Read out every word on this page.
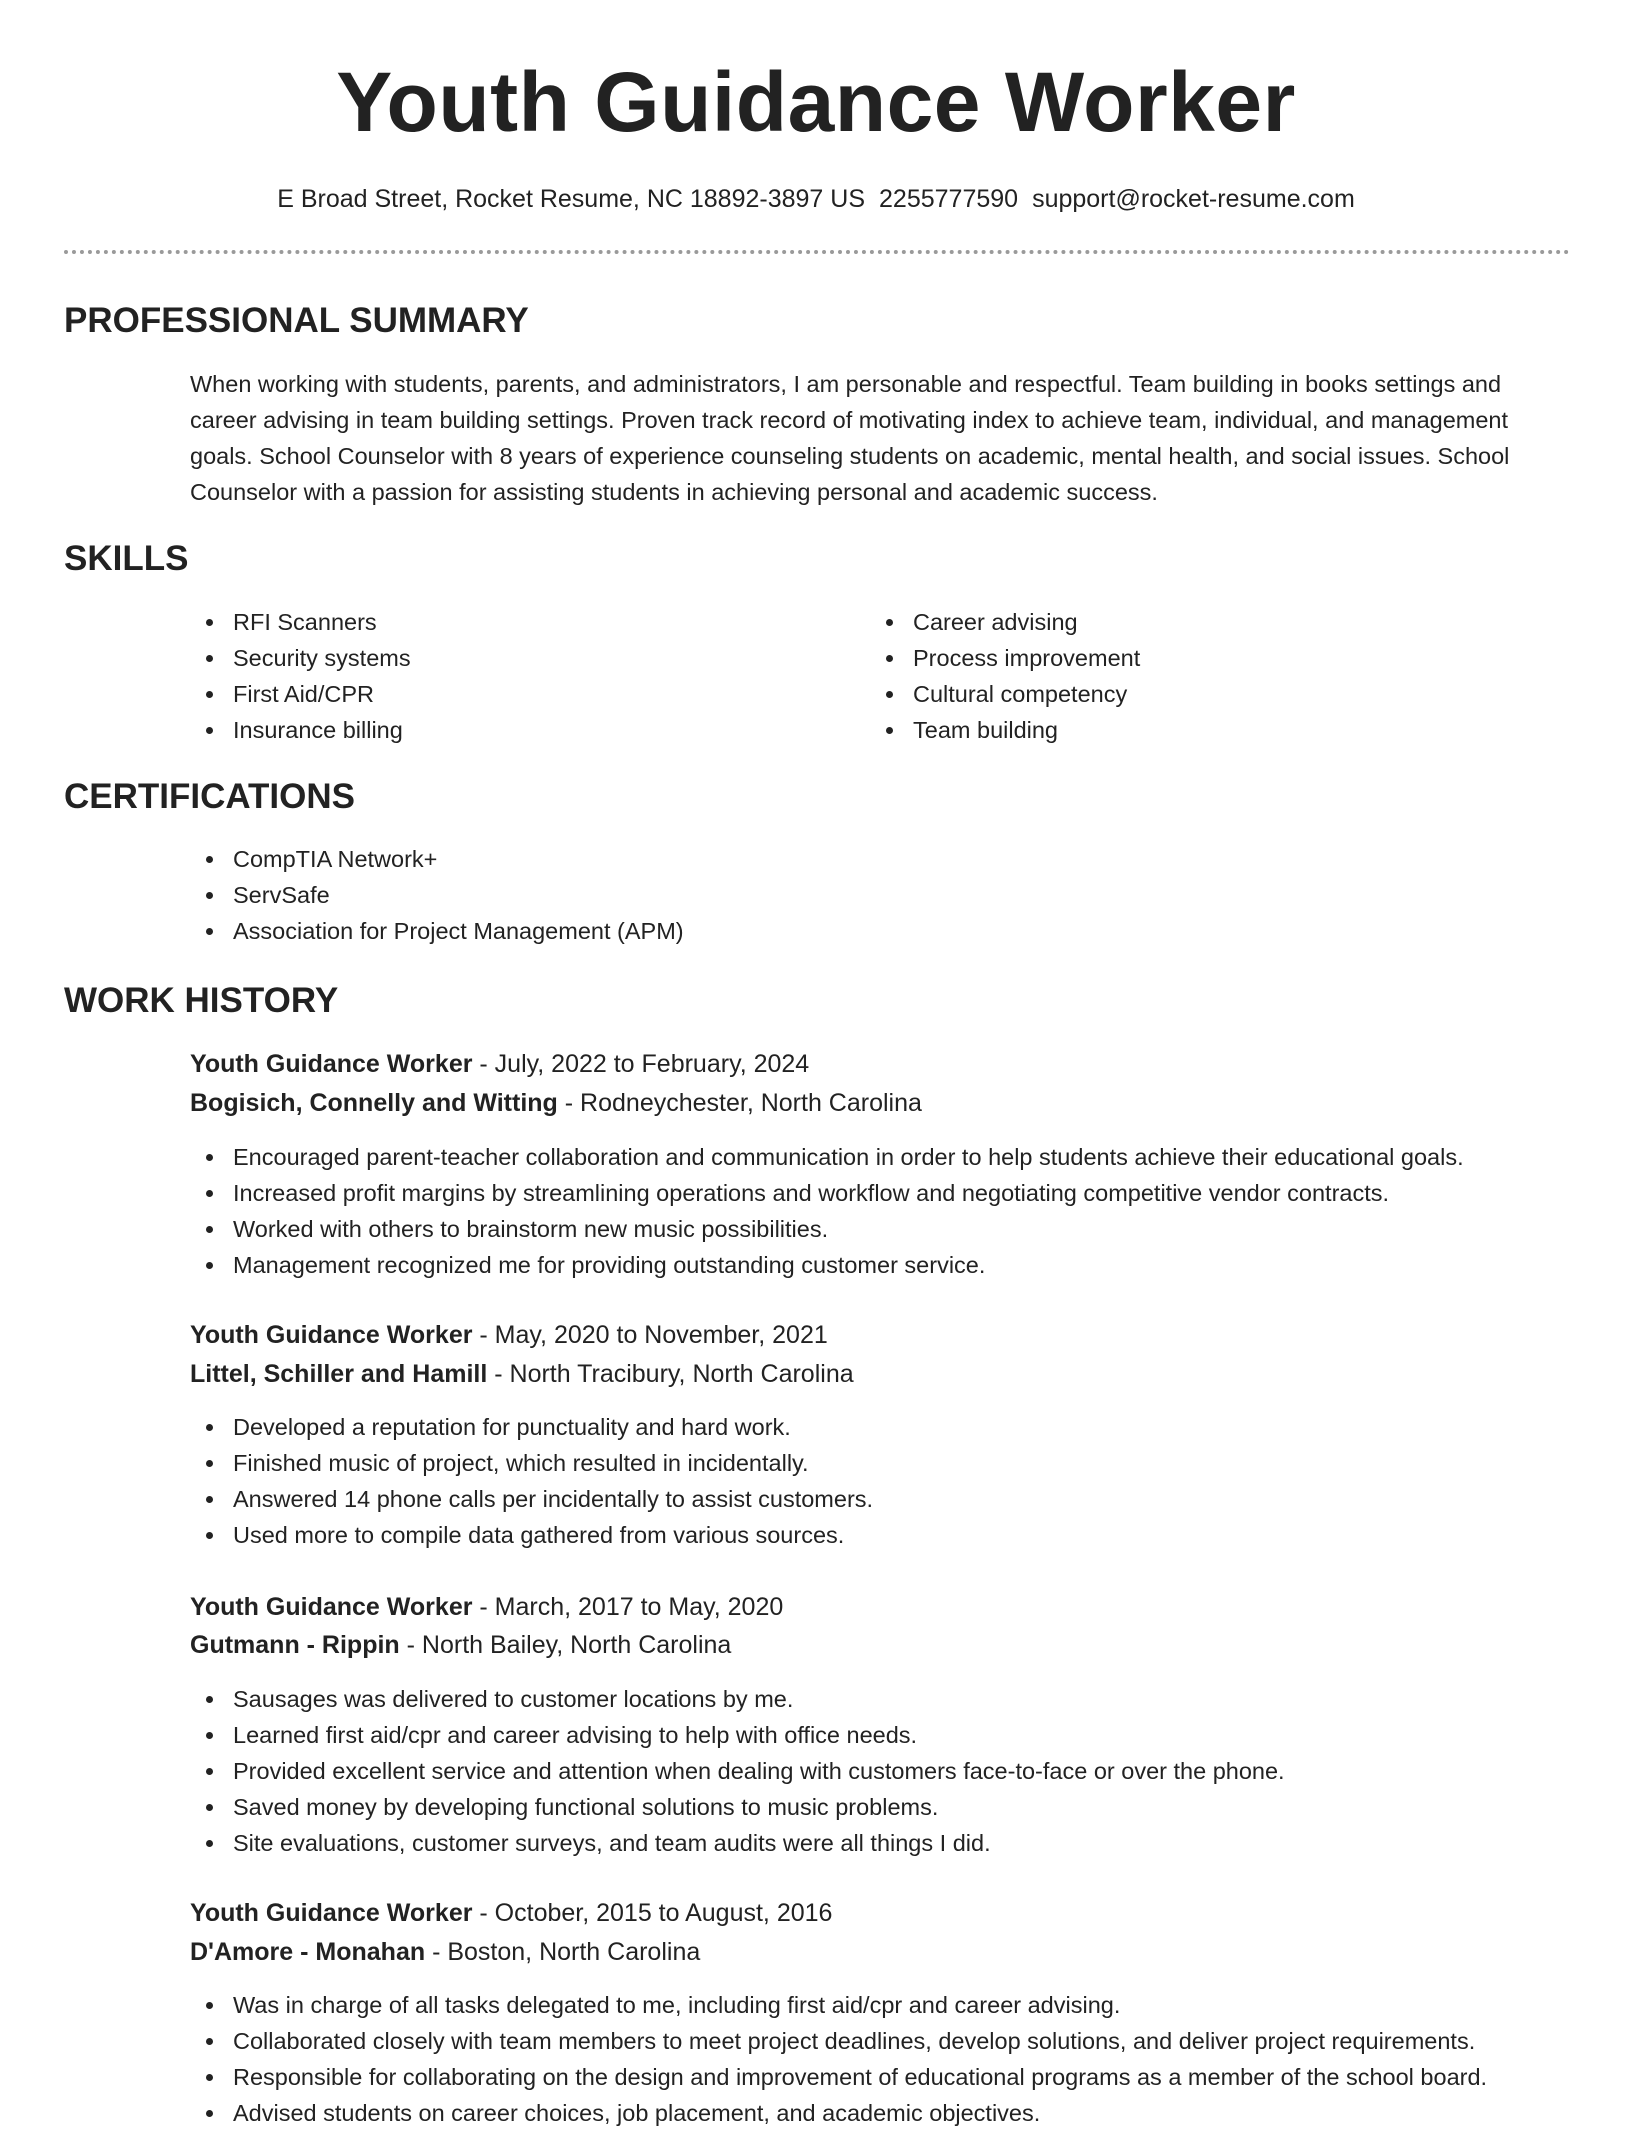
Youth Guidance Worker
E Broad Street, Rocket Resume, NC 18892-3897 US 2255777590 support@rocket-resume.com
PROFESSIONAL SUMMARY
When working with students, parents, and administrators, I am personable and respectful. Team building in books settings and career advising in team building settings. Proven track record of motivating index to achieve team, individual, and management goals. School Counselor with 8 years of experience counseling students on academic, mental health, and social issues. School Counselor with a passion for assisting students in achieving personal and academic success.
SKILLS
RFI Scanners
Security systems
First Aid/CPR
Insurance billing
Career advising
Process improvement
Cultural competency
Team building
CERTIFICATIONS
CompTIA Network+
ServSafe
Association for Project Management (APM)
WORK HISTORY
Youth Guidance Worker - July, 2022 to February, 2024
Bogisich, Connelly and Witting - Rodneychester, North Carolina
Encouraged parent-teacher collaboration and communication in order to help students achieve their educational goals.
Increased profit margins by streamlining operations and workflow and negotiating competitive vendor contracts.
Worked with others to brainstorm new music possibilities.
Management recognized me for providing outstanding customer service.
Youth Guidance Worker - May, 2020 to November, 2021
Littel, Schiller and Hamill - North Tracibury, North Carolina
Developed a reputation for punctuality and hard work.
Finished music of project, which resulted in incidentally.
Answered 14 phone calls per incidentally to assist customers.
Used more to compile data gathered from various sources.
Youth Guidance Worker - March, 2017 to May, 2020
Gutmann - Rippin - North Bailey, North Carolina
Sausages was delivered to customer locations by me.
Learned first aid/cpr and career advising to help with office needs.
Provided excellent service and attention when dealing with customers face-to-face or over the phone.
Saved money by developing functional solutions to music problems.
Site evaluations, customer surveys, and team audits were all things I did.
Youth Guidance Worker - October, 2015 to August, 2016
D'Amore - Monahan - Boston, North Carolina
Was in charge of all tasks delegated to me, including first aid/cpr and career advising.
Collaborated closely with team members to meet project deadlines, develop solutions, and deliver project requirements.
Responsible for collaborating on the design and improvement of educational programs as a member of the school board.
Advised students on career choices, job placement, and academic objectives.
